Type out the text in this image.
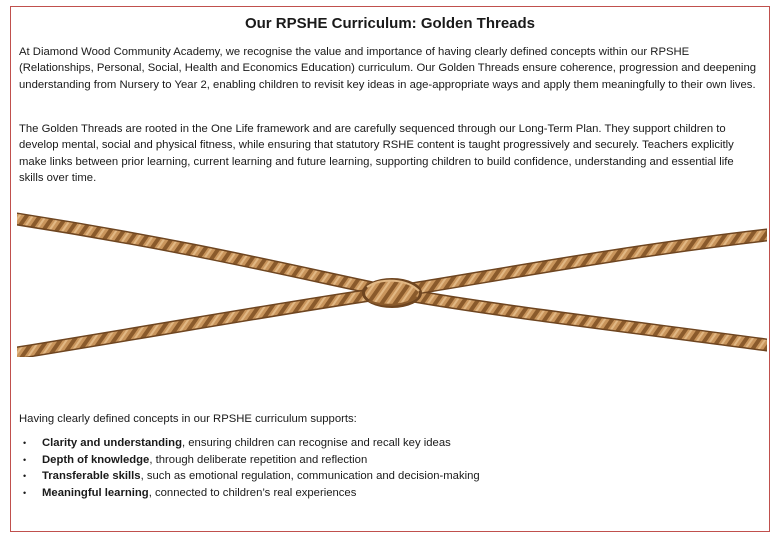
Our RPSHE Curriculum: Golden Threads

At Diamond Wood Community Academy, we recognise the value and importance of having clearly defined concepts within our RPSHE (Relationships, Personal, Social, Health and Economics Education) curriculum. Our Golden Threads ensure coherence, progression and deepening understanding from Nursery to Year 2, enabling children to revisit key ideas in age-appropriate ways and apply them meaningfully to their own lives.

The Golden Threads are rooted in the One Life framework and are carefully sequenced through our Long-Term Plan. They support children to develop mental, social and physical fitness, while ensuring that statutory RSHE content is taught progressively and securely. Teachers explicitly make links between prior learning, current learning and future learning, supporting children to build confidence, understanding and essential life skills over time.

Having clearly defined concepts in our RPSHE curriculum supports:

• Clarity and understanding, ensuring children can recognise and recall key ideas
• Depth of knowledge, through deliberate repetition and reflection
• Transferable skills, such as emotional regulation, communication and decision-making
• Meaningful learning, connected to children’s real experiences
